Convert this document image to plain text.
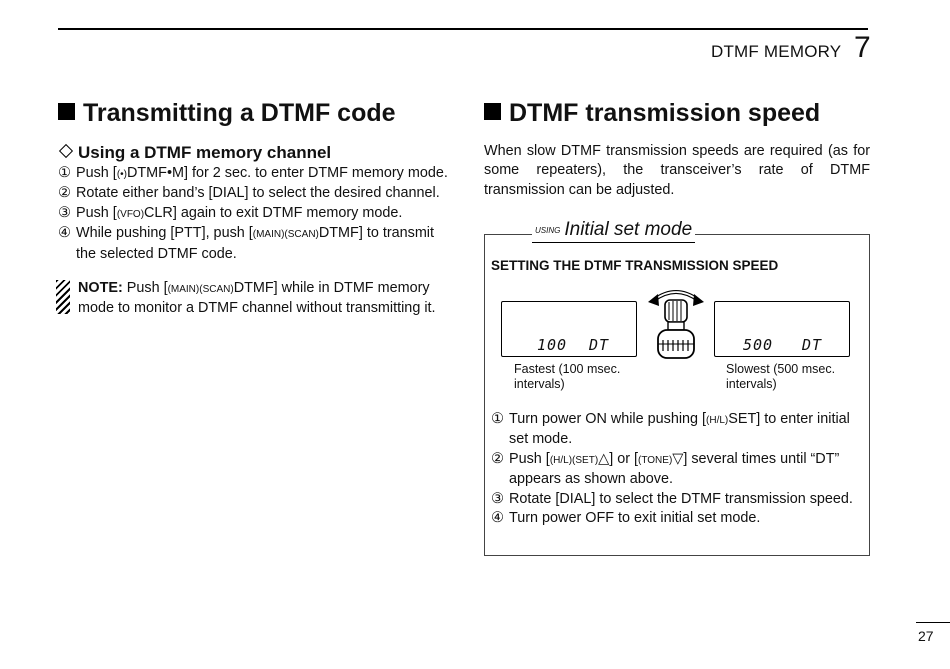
DTMF MEMORY 7
Transmitting a DTMF code
Using a DTMF memory channel
① Push [(•)DTMF•M] for 2 sec. to enter DTMF memory mode.
② Rotate either band’s [DIAL] to select the desired channel.
③ Push [(VFO)CLR] again to exit DTMF memory mode.
④ While pushing [PTT], push [(MAIN)(SCAN)DTMF] to transmit
the selected DTMF code.
NOTE: Push [(MAIN)(SCAN)DTMF] while in DTMF memory mode to monitor a DTMF channel without transmitting it.
DTMF transmission speed
When slow DTMF transmission speeds are required (as for some repeaters), the transceiver’s rate of DTMF transmission can be adjusted.
USING Initial set mode
SETTING THE DTMF TRANSMISSION SPEED
100 DT	500 DT
Fastest (100 msec.
intervals)
Slowest (500 msec.
intervals)
① Turn power ON while pushing [(H/L)SET] to enter initial
set mode.
② Push [(H/L)(SET)△] or [(TONE)▽] several times until “DT”
appears as shown above.
③ Rotate [DIAL] to select the DTMF transmission speed.
④ Turn power OFF to exit initial set mode.
27
